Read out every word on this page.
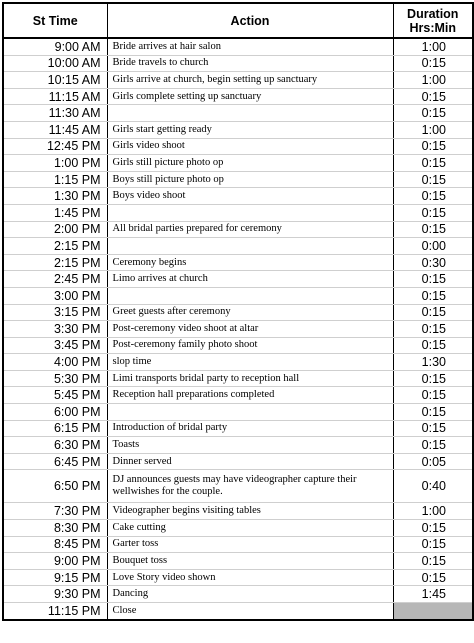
St Time	Action	Duration
Hrs:Min

9:00 AM	Bride arrives at hair salon	1:00
10:00 AM	Bride travels to church	0:15
10:15 AM	Girls arrive at church, begin setting up sanctuary	1:00
11:15 AM	Girls complete setting up sanctuary	0:15
11:30 AM		0:15
11:45 AM	Girls start getting ready	1:00
12:45 PM	Girls video shoot	0:15
1:00 PM	Girls still picture photo op	0:15
1:15 PM	Boys still picture photo op	0:15
1:30 PM	Boys video shoot	0:15
1:45 PM		0:15
2:00 PM	All bridal parties prepared for ceremony	0:15
2:15 PM		0:00
2:15 PM	Ceremony begins	0:30
2:45 PM	Limo arrives at church	0:15
3:00 PM		0:15
3:15 PM	Greet guests after ceremony	0:15
3:30 PM	Post-ceremony video shoot at altar	0:15
3:45 PM	Post-ceremony family photo shoot	0:15
4:00 PM	slop time	1:30
5:30 PM	Limi transports bridal party to reception hall	0:15
5:45 PM	Reception hall preparations completed	0:15
6:00 PM		0:15
6:15 PM	Introduction of bridal party	0:15
6:30 PM	Toasts	0:15
6:45 PM	Dinner served	0:05
6:50 PM	DJ announces guests may have videographer capture their
wellwishes for the couple.	0:40
7:30 PM	Videographer begins visiting tables	1:00
8:30 PM	Cake cutting	0:15
8:45 PM	Garter toss	0:15
9:00 PM	Bouquet toss	0:15
9:15 PM	Love Story video shown	0:15
9:30 PM	Dancing	1:45
11:15 PM	Close	
